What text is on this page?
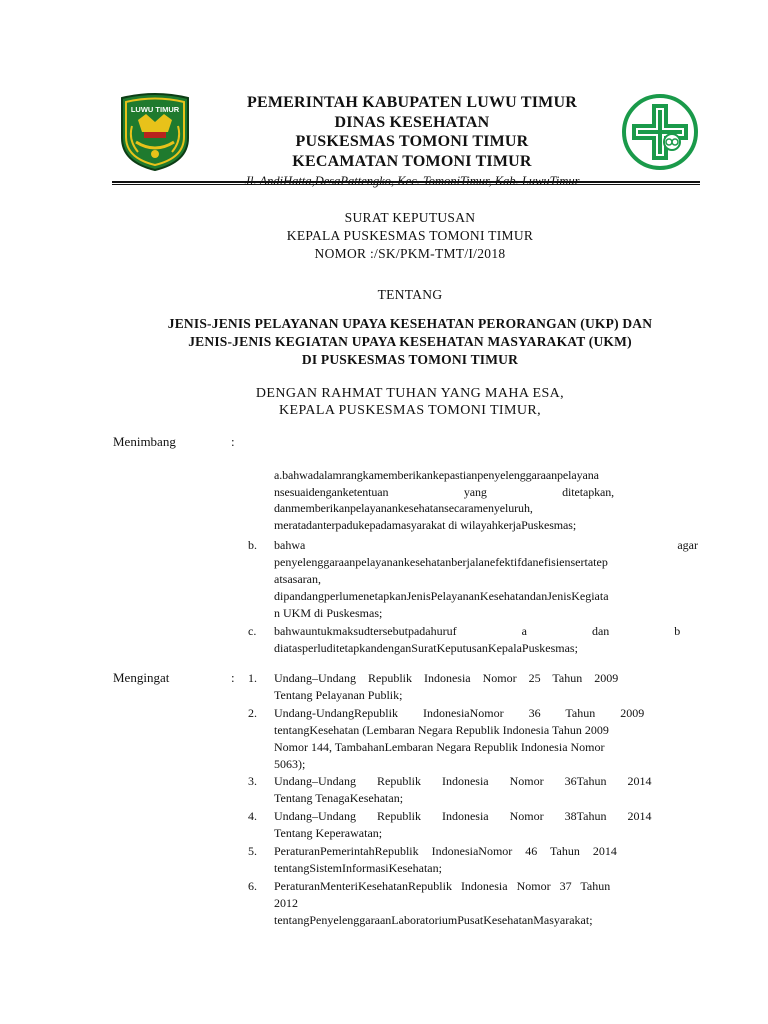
LUWU TIMUR	PEMERINTAH KABUPATEN LUWU TIMUR
DINAS KESEHATAN
PUSKESMAS TOMONI TIMUR
KECAMATAN TOMONI TIMUR
SURAT KEPUTUSAN
KEPALA PUSKESMAS TOMONI TIMUR
NOMOR :/SK/PKM-TMT/I/2018
TENTANG
JENIS-JENIS PELAYANAN UPAYA KESEHATAN PERORANGAN (UKP) DAN
JENIS-JENIS KEGIATAN UPAYA KESEHATAN MASYARAKAT (UKM)
DI PUSKESMAS TOMONI TIMUR
DENGAN RAHMAT TUHAN YANG MAHA ESA,
KEPALA PUSKESMAS TOMONI TIMUR,
Menimbang	:
a.bahwadalamrangkamemberikankepastianpenyelenggaraanpelayana
nsesuaidenganketentuan                          yang                          ditetapkan,
danmemberikanpelayanankesehatansecaramenyeluruh,
meratadanterpadukepadamasyarakat di wilayahkerjaPuskesmas;
b.	bahwa agar
penyelenggaraanpelayanankesehatanberjalanefektifdanefisiensertatep
atsasaran,
dipandangperlumenetapkanJenisPelayananKesehatandanJenisKegiata
n UKM di Puskesmas;
c.	bahwauntukmaksudtersebutpadahuruf a dan b
diatasperluditetapkandenganSuratKeputusanKepalaPuskesmas;
Mengingat	: 1.	Undang–Undang Republik Indonesia Nomor 25 Tahun 2009
Tentang Pelayanan Publik;
2.	Undang-UndangRepublik IndonesiaNomor 36 Tahun 2009
tentangKesehatan (Lembaran Negara Republik Indonesia Tahun 2009
Nomor 144, TambahanLembaran Negara Republik Indonesia Nomor
5063);
3.	Undang–Undang Republik Indonesia Nomor 36Tahun 2014
Tentang TenagaKesehatan;
4.	Undang–Undang Republik Indonesia Nomor 38Tahun 2014
Tentang Keperawatan;
5.	PeraturanPemerintahRepublik IndonesiaNomor 46 Tahun 2014
tentangSistemInformasiKesehatan;
6.	PeraturanMenteriKesehatanRepublik Indonesia Nomor 37 Tahun
2012
tentangPenyelenggaraanLaboratoriumPusatKesehatanMasyarakat;
